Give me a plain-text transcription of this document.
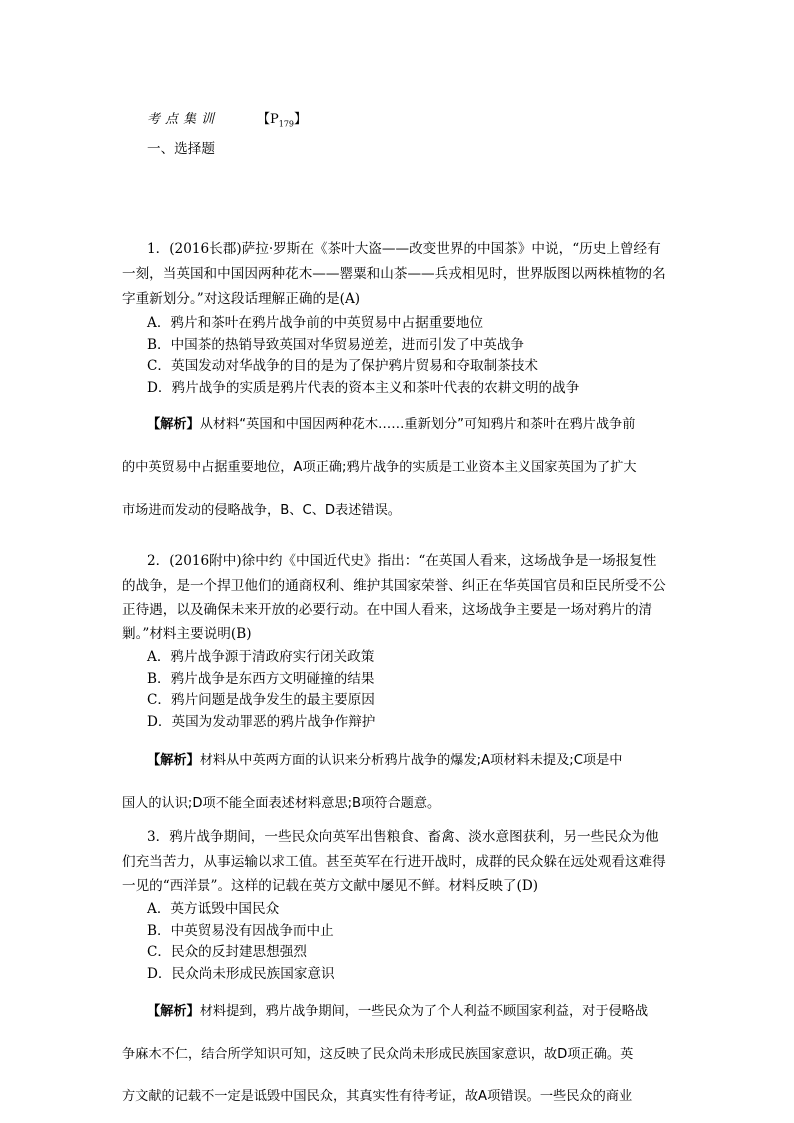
考点集训	【$P_{179}$】
一、选择题
1．(2016长郡)萨拉·罗斯在《茶叶大盗——改变世界的中国茶》中说，“历史上曾经有
一刻，当英国和中国因两种花木——罂粟和山茶——兵戎相见时，世界版图以两株植物的名
字重新划分。”对这段话理解正确的是(A)
A．鸦片和茶叶在鸦片战争前的中英贸易中占据重要地位
B．中国茶的热销导致英国对华贸易逆差，进而引发了中英战争
C．英国发动对华战争的目的是为了保护鸦片贸易和夺取制茶技术
D．鸦片战争的实质是鸦片代表的资本主义和茶叶代表的农耕文明的战争
【解析】从材料“英国和中国因两种花木……重新划分”可知鸦片和茶叶在鸦片战争前
的中英贸易中占据重要地位，A项正确;鸦片战争的实质是工业资本主义国家英国为了扩大
市场进而发动的侵略战争，B、C、D表述错误。
2．(2016附中)徐中约《中国近代史》指出：“在英国人看来，这场战争是一场报复性
的战争，是一个捍卫他们的通商权利、维护其国家荣誉、纠正在华英国官员和臣民所受不公
正待遇，以及确保未来开放的必要行动。在中国人看来，这场战争主要是一场对鸦片的清
剿。”材料主要说明(B)
A．鸦片战争源于清政府实行闭关政策
B．鸦片战争是东西方文明碰撞的结果
C．鸦片问题是战争发生的最主要原因
D．英国为发动罪恶的鸦片战争作辩护
【解析】材料从中英两方面的认识来分析鸦片战争的爆发;A项材料未提及;C项是中
国人的认识;D项不能全面表述材料意思;B项符合题意。
3．鸦片战争期间，一些民众向英军出售粮食、畜禽、淡水意图获利，另一些民众为他
们充当苦力，从事运输以求工值。甚至英军在行进开战时，成群的民众躲在远处观看这难得
一见的“西洋景”。这样的记载在英方文献中屡见不鲜。材料反映了(D)
A．英方诋毁中国民众
B．中英贸易没有因战争而中止
C．民众的反封建思想强烈
D．民众尚未形成民族国家意识
【解析】材料提到，鸦片战争期间，一些民众为了个人利益不顾国家利益，对于侵略战
争麻木不仁，结合所学知识可知，这反映了民众尚未形成民族国家意识，故D项正确。英
方文献的记载不一定是诋毁中国民众，其真实性有待考证，故A项错误。一些民众的商业
